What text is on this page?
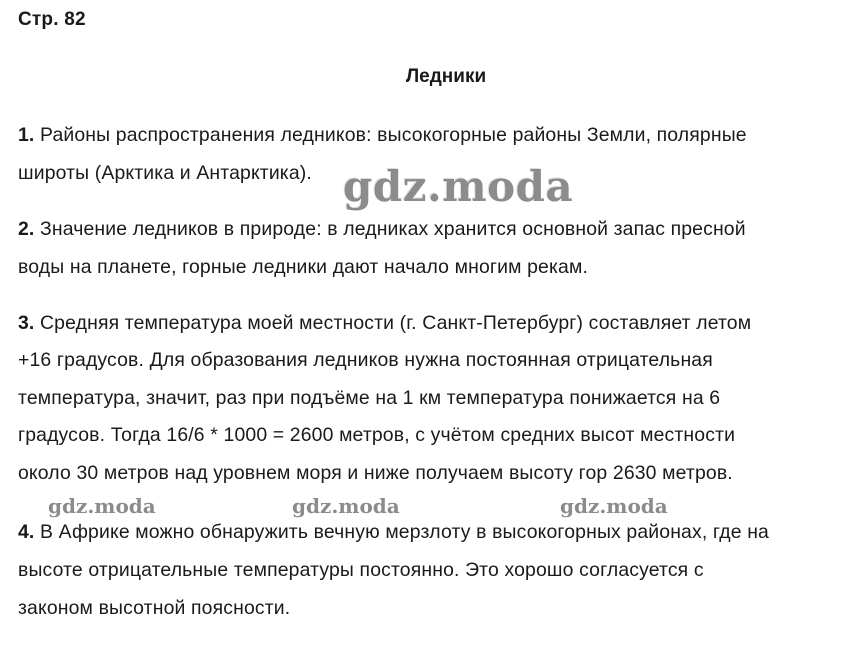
Стр. 82
Ледники
1. Районы распространения ледников: высокогорные районы Земли, полярные
широты (Арктика и Антарктика).
2. Значение ледников в природе: в ледниках хранится основной запас пресной
воды на планете, горные ледники дают начало многим рекам.
3. Средняя температура моей местности (г. Санкт-Петербург) составляет летом
+16 градусов. Для образования ледников нужна постоянная отрицательная
температура, значит, раз при подъёме на 1 км температура понижается на 6
градусов. Тогда 16/6 * 1000 = 2600 метров, с учётом средних высот местности
около 30 метров над уровнем моря и ниже получаем высоту гор 2630 метров.
4. В Африке можно обнаружить вечную мерзлоту в высокогорных районах, где на
высоте отрицательные температуры постоянно. Это хорошо согласуется с
законом высотной поясности.
gdz.moda
gdz.moda	gdz.moda	gdz.moda
